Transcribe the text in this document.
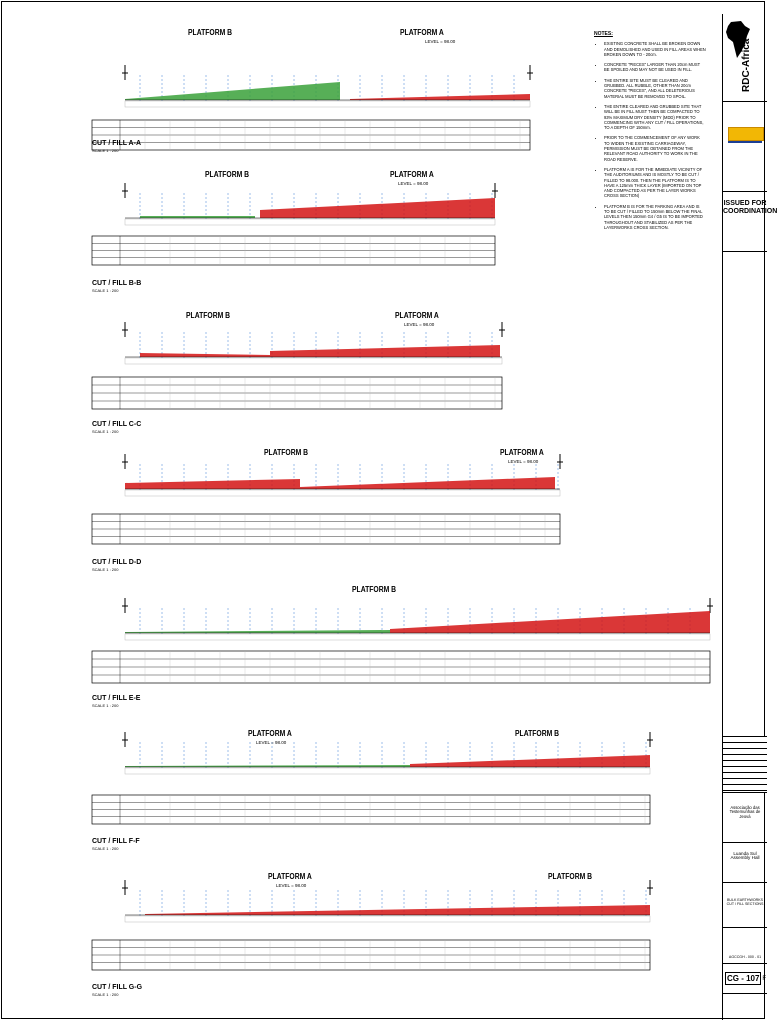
PLATFORM B	PLATFORM A
LEVEL = 98.00
CUT / FILL A-A
SCALE 1 : 200
PLATFORM B	PLATFORM A
LEVEL = 98.00
CUT / FILL B-B
SCALE 1 : 200
PLATFORM B	PLATFORM A
LEVEL = 98.00
CUT / FILL C-C
SCALE 1 : 200
PLATFORM B	PLATFORM A
LEVEL = 98.00
CUT / FILL D-D
SCALE 1 : 200
PLATFORM B
CUT / FILL E-E
SCALE 1 : 200
PLATFORM A
LEVEL = 98.00
PLATFORM B
CUT / FILL F-F
SCALE 1 : 200
PLATFORM A
LEVEL = 98.00
PLATFORM B
CUT / FILL G-G
SCALE 1 : 200
NOTES:
• EXISTING CONCRETE SHALL BE BROKEN DOWN AND DEMOLISHED AND USED IN FILL AREAS WHEN BROKEN DOWN TO - 20cm.
• CONCRETE "PIECES" LARGER THAN 20cm MUST BE SPOILED AND MAY NOT BE USED IN FILL.
• THE ENTIRE SITE MUST BE CLEARED AND GRUBBED. ALL RUBBLE, OTHER THAN 20cm CONCRETE "PIECES", AND ALL DELETERIOUS MATERIAL MUST BE REMOVED TO SPOIL.
• THE ENTIRE CLEARED AND GRUBBED SITE THAT WILL BE IN FILL MUST THEN BE COMPACTED TO 93% MAXIMUM DRY DENSITY (MDD) PRIOR TO COMMENCING WITH ANY CUT / FILL OPERATIONS, TO A DEPTH OF 150mm.
• PRIOR TO THE COMMENCEMENT OF ANY WORK TO WIDEN THE EXISTING CARRIAGEWAY, PERMISSION MUST BE OBTAINED FROM THE RELEVANT ROAD AUTHORITY TO WORK IN THE ROAD RESERVE.
• PLATFORM A IS FOR THE IMMEDIATE VICINITY OF THE AUDITORIUMS AND IS MOSTLY TO BE CUT / FILLED TO 98.000. THEN THE PLATFORM IS TO HAVE A 125mm THICK LAYER (IMPORTED ON TOP AND COMPACTED AS PER THE LAYER WORKS CROSS SECTION)
• PLATFORM B IS FOR THE PARKING AREA AND IS TO BE CUT / FILLED TO 150mm BELOW THE FINAL LEVELS THEN 150mm G4 / G5 IS TO BE IMPORTED THROUGHOUT AND STABILIZED AS PER THE LAYERWORKS CROSS SECTION.
RDC-Africa
ISSUED FOR COORDINATION
Associação das Testemunhas de Jeová
Luanda Sul Assembly Hall
BULK EARTHWORKS CUT / FILL SECTIONS
AGCCGH - 000 - 01
CG - 107 F
